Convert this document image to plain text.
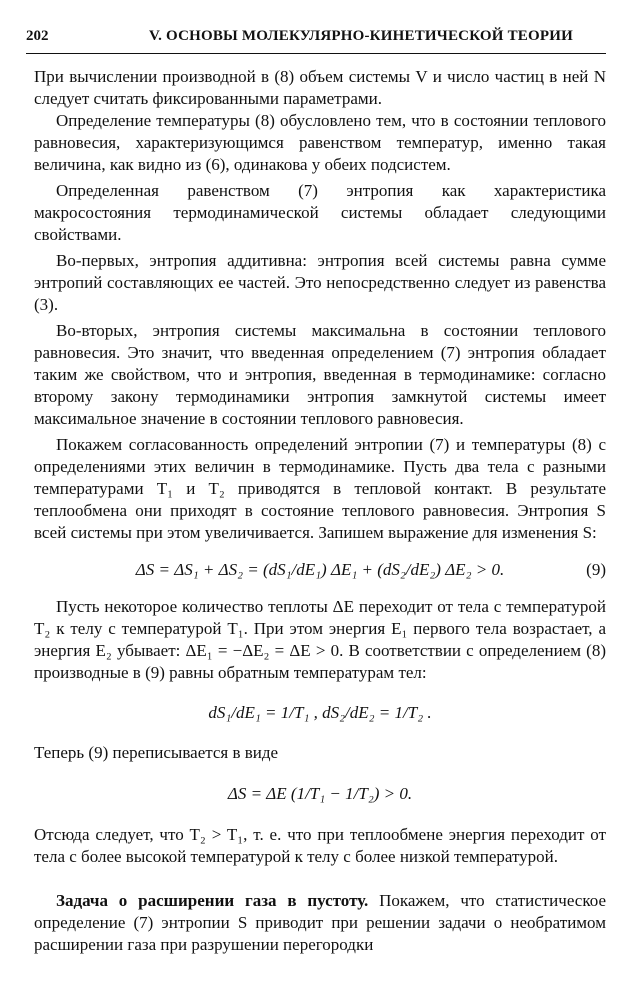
202	V. ОСНОВЫ МОЛЕКУЛЯРНО-КИНЕТИЧЕСКОЙ ТЕОРИИ

При вычислении производной в (8) объем системы V и число частиц в ней N следует считать фиксированными параметрами.

Определение температуры (8) обусловлено тем, что в состоянии теплового равновесия, характеризующимся равенством температур, именно такая величина, как видно из (6), одинакова у обеих подсистем.

Определенная равенством (7) энтропия как характеристика макросостояния термодинамической системы обладает следующими свойствами.

Во-первых, энтропия аддитивна: энтропия всей системы равна сумме энтропий составляющих ее частей. Это непосредственно следует из равенства (3).

Во-вторых, энтропия системы максимальна в состоянии теплового равновесия. Это значит, что введенная определением (7) энтропия обладает таким же свойством, что и энтропия, введенная в термодинамике: согласно второму закону термодинамики энтропия замкнутой системы имеет максимальное значение в состоянии теплового равновесия.

Покажем согласованность определений энтропии (7) и температуры (8) с определениями этих величин в термодинамике. Пусть два тела с разными температурами T₁ и T₂ приводятся в тепловой контакт. В результате теплообмена они приходят в состояние теплового равновесия. Энтропия S всей системы при этом увеличивается. Запишем выражение для изменения S:

ΔS = ΔS₁ + ΔS₂ = (dS₁/dE₁) ΔE₁ + (dS₂/dE₂) ΔE₂ > 0.	(9)

Пусть некоторое количество теплоты ΔE переходит от тела с температурой T₂ к телу с температурой T₁. При этом энергия E₁ первого тела возрастает, а энергия E₂ убывает: ΔE₁ = −ΔE₂ = ΔE > 0. В соответствии с определением (8) производные в (9) равны обратным температурам тел:

dS₁/dE₁ = 1/T₁ , dS₂/dE₂ = 1/T₂ .

Теперь (9) переписывается в виде

ΔS = ΔE (1/T₁ − 1/T₂) > 0.

Отсюда следует, что T₂ > T₁, т. е. что при теплообмене энергия переходит от тела с более высокой температурой к телу с более низкой температурой.

Задача о расширении газа в пустоту. Покажем, что статистическое определение (7) энтропии S приводит при решении задачи о необратимом расширении газа при разрушении перегородки
